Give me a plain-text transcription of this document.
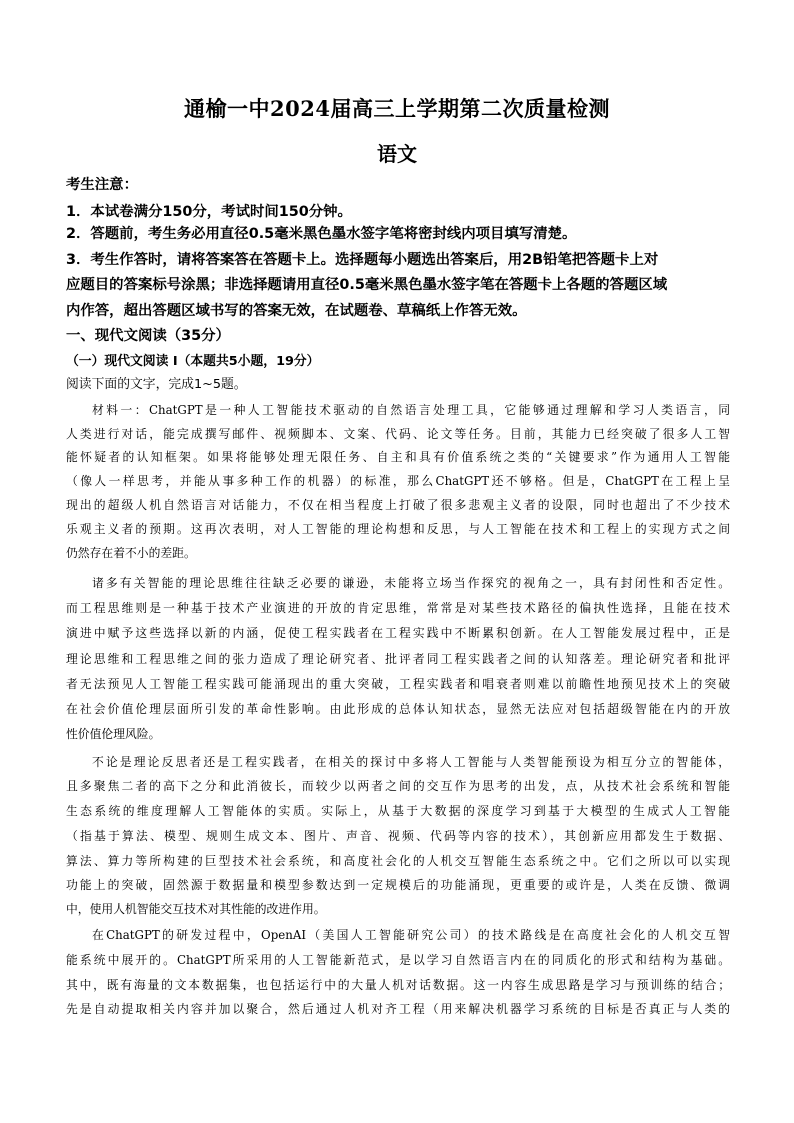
通榆一中2024届高三上学期第二次质量检测
语文
考生注意：
1．本试卷满分150分，考试时间150分钟。
2．答题前，考生务必用直径0.5毫米黑色墨水签字笔将密封线内项目填写清楚。
3．考生作答时，请将答案答在答题卡上。选择题每小题选出答案后，用2B铅笔把答题卡上对
应题目的答案标号涂黑；非选择题请用直径0.5毫米黑色墨水签字笔在答题卡上各题的答题区域
内作答，超出答题区域书写的答案无效，在试题卷、草稿纸上作答无效。
一、现代文阅读（35分）
（一）现代文阅读 I（本题共5小题，19分）
阅读下面的文字，完成1~5题。
材料一：ChatGPT是一种人工智能技术驱动的自然语言处理工具，它能够通过理解和学习人类语言，同
人类进行对话，能完成撰写邮件、视频脚本、文案、代码、论文等任务。目前，其能力已经突破了很多人工智
能怀疑者的认知框架。如果将能够处理无限任务、自主和具有价值系统之类的“关键要求”作为通用人工智能
（像人一样思考，并能从事多种工作的机器）的标准，那么ChatGPT还不够格。但是，ChatGPT在工程上呈
现出的超级人机自然语言对话能力，不仅在相当程度上打破了很多悲观主义者的设限，同时也超出了不少技术
乐观主义者的预期。这再次表明，对人工智能的理论构想和反思，与人工智能在技术和工程上的实现方式之间
仍然存在着不小的差距。
诸多有关智能的理论思维往往缺乏必要的谦逊，未能将立场当作探究的视角之一，具有封闭性和否定性。
而工程思维则是一种基于技术产业演进的开放的肯定思维，常常是对某些技术路径的偏执性选择，且能在技术
演进中赋予这些选择以新的内涵，促使工程实践者在工程实践中不断累积创新。在人工智能发展过程中，正是
理论思维和工程思维之间的张力造成了理论研究者、批评者同工程实践者之间的认知落差。理论研究者和批评
者无法预见人工智能工程实践可能涌现出的重大突破，工程实践者和唱衰者则难以前瞻性地预见技术上的突破
在社会价值伦理层面所引发的革命性影响。由此形成的总体认知状态，显然无法应对包括超级智能在内的开放
性价值伦理风险。
不论是理论反思者还是工程实践者，在相关的探讨中多将人工智能与人类智能预设为相互分立的智能体，
且多聚焦二者的高下之分和此消彼长，而较少以两者之间的交互作为思考的出发，点，从技术社会系统和智能
生态系统的维度理解人工智能体的实质。实际上，从基于大数据的深度学习到基于大模型的生成式人工智能
（指基于算法、模型、规则生成文本、图片、声音、视频、代码等内容的技术），其创新应用都发生于数据、
算法、算力等所构建的巨型技术社会系统，和高度社会化的人机交互智能生态系统之中。它们之所以可以实现
功能上的突破，固然源于数据量和模型参数达到一定规模后的功能涌现，更重要的或许是，人类在反馈、微调
中，使用人机智能交互技术对其性能的改进作用。
在ChatGPT的研发过程中，OpenAI（美国人工智能研究公司）的技术路线是在高度社会化的人机交互智
能系统中展开的。ChatGPT所采用的人工智能新范式，是以学习自然语言内在的同质化的形式和结构为基础。
其中，既有海量的文本数据集，也包括运行中的大量人机对话数据。这一内容生成思路是学习与预训练的结合；
先是自动提取相关内容并加以聚合，然后通过人机对齐工程（用来解决机器学习系统的目标是否真正与人类的
